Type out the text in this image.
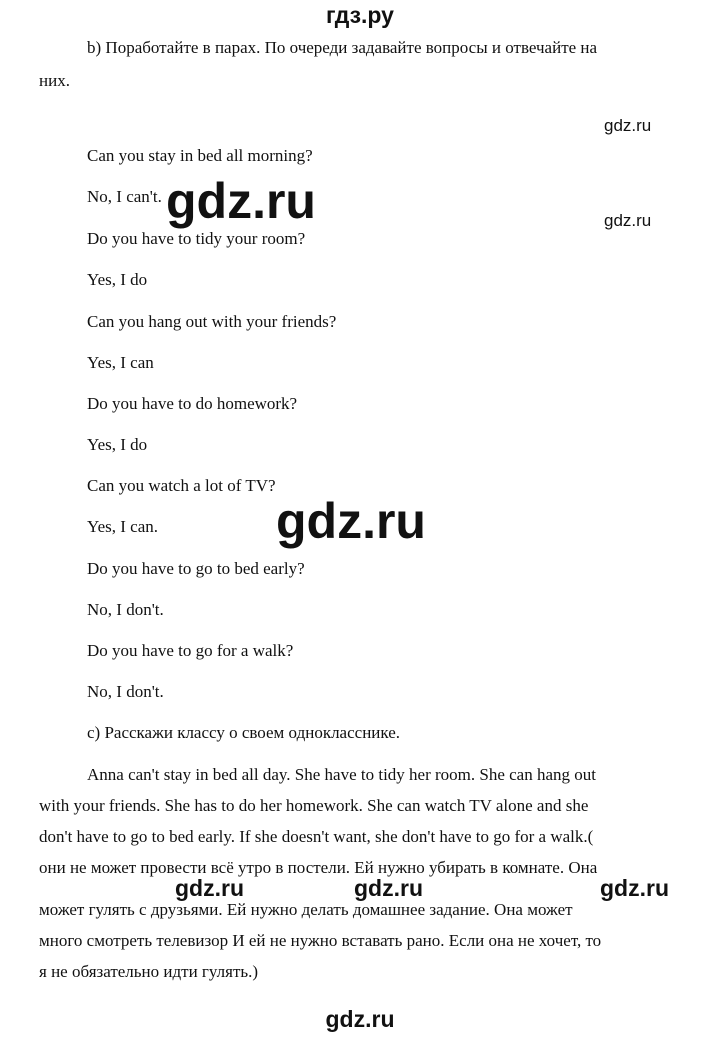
гдз.ру
b) Поработайте в парах. По очереди задавайте вопросы и отвечайте на
них.
Can you stay in bed all morning?
No, I can't.
Do you have to tidy your room?
Yes, I do
Can you hang out with your friends?
Yes, I can
Do you have to do homework?
Yes, I do
Can you watch a lot of TV?
Yes, I can.
Do you have to go to bed early?
No, I don't.
Do you have to go for a walk?
No, I don't.
c) Расскажи классу о своем однокласснике.
Anna can't stay in bed all day. She have to tidy her room. She can hang out
with your friends. She has to do her homework. She can watch TV alone and she
don't have to go to bed early. If she doesn't want, she don't have to go for a walk.(
они не может провести всё утро в постели. Ей нужно убирать в комнате. Она
может гулять с друзьями. Ей нужно делать домашнее задание. Она может
много смотреть телевизор И ей не нужно вставать рано. Если она не хочет, то
я не обязательно идти гулять.)
gdz.ru
gdz.ru
gdz.ru
gdz.ru
gdz.ru	gdz.ru	gdz.ru
gdz.ru
